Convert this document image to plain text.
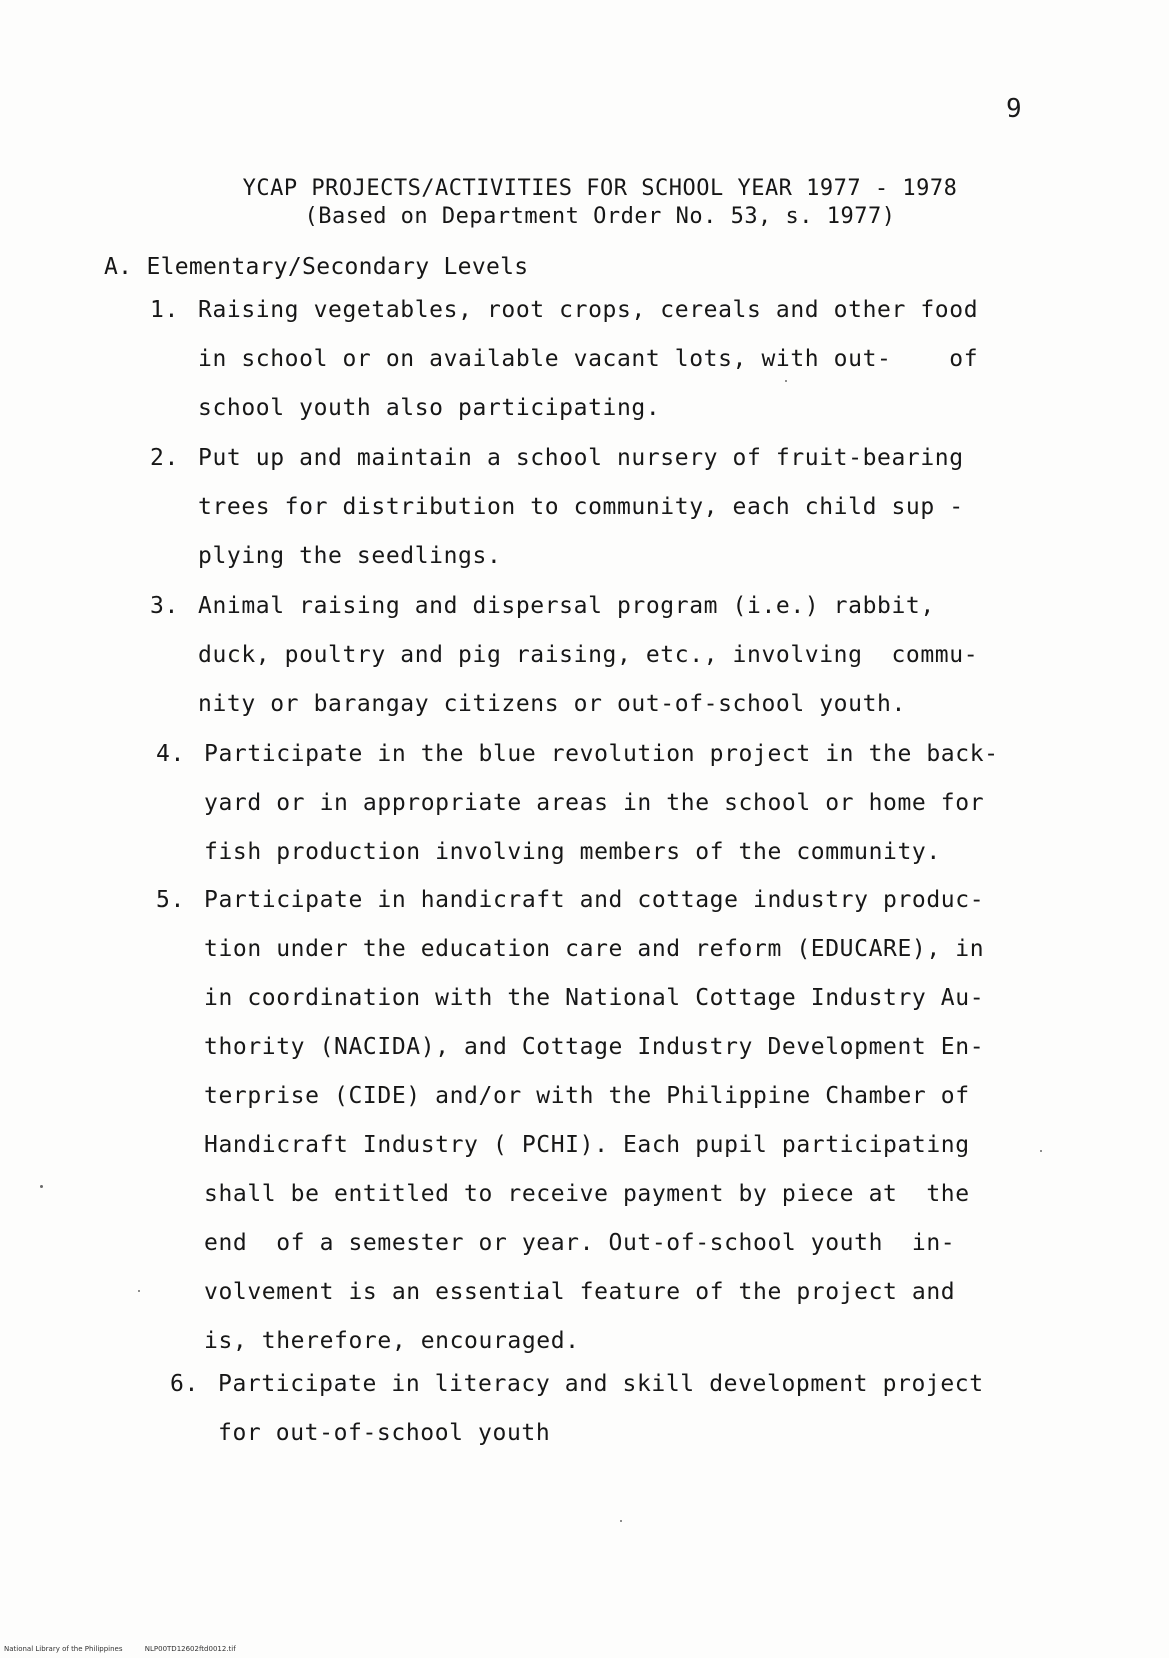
9
YCAP PROJECTS/ACTIVITIES FOR SCHOOL YEAR 1977 - 1978
(Based on Department Order No. 53, s. 1977)
A. Elementary/Secondary Levels
1. Raising vegetables, root crops, cereals and other food
in school or on available vacant lots, with out-    of
school youth also participating.
2. Put up and maintain a school nursery of fruit-bearing
trees for distribution to community, each child sup -
plying the seedlings.
3. Animal raising and dispersal program (i.e.) rabbit,
duck, poultry and pig raising, etc., involving  commu-
nity or barangay citizens or out-of-school youth.
4. Participate in the blue revolution project in the back-
yard or in appropriate areas in the school or home for
fish production involving members of the community.
5. Participate in handicraft and cottage industry produc-
tion under the education care and reform (EDUCARE), in
in coordination with the National Cottage Industry Au-
thority (NACIDA), and Cottage Industry Development En-
terprise (CIDE) and/or with the Philippine Chamber of
Handicraft Industry ( PCHI). Each pupil participating
shall be entitled to receive payment by piece at  the
end  of a semester or year. Out-of-school youth  in-
volvement is an essential feature of the project and
is, therefore, encouraged.
6. Participate in literacy and skill development project
for out-of-school youth
National Library of the Philippines	NLP00TD12602ftd0012.tif
